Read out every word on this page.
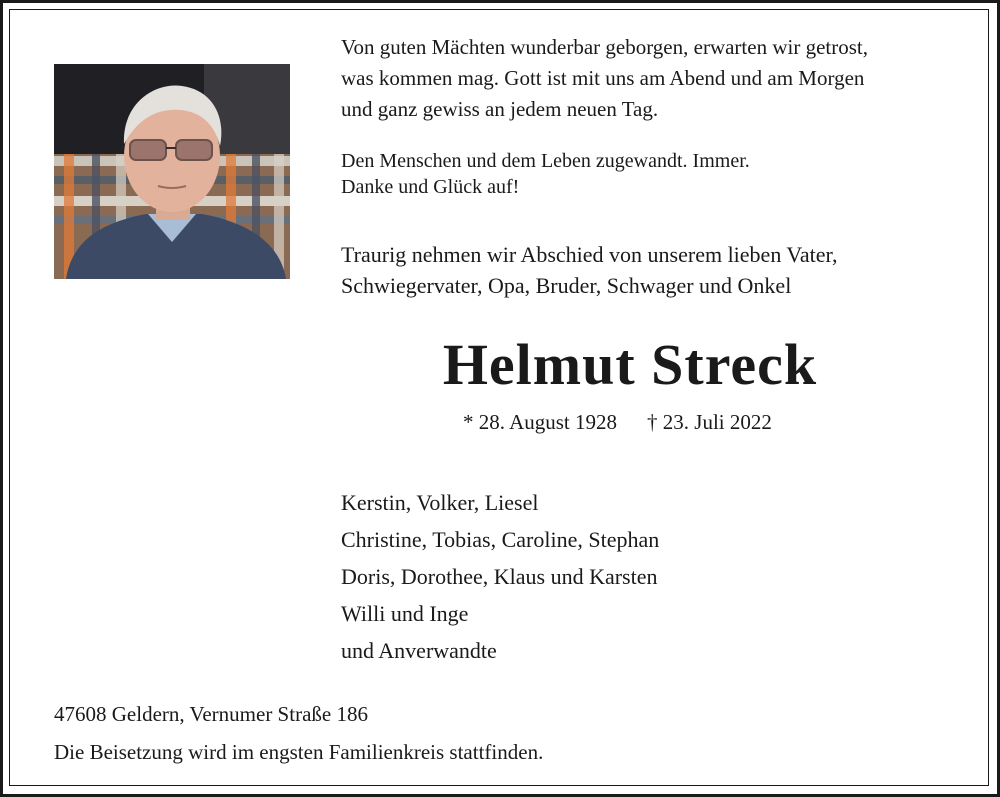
Von guten Mächten wunderbar geborgen, erwarten wir getrost,
was kommen mag. Gott ist mit uns am Abend und am Morgen
und ganz gewiss an jedem neuen Tag.
Den Menschen und dem Leben zugewandt. Immer.
Danke und Glück auf!
Traurig nehmen wir Abschied von unserem lieben Vater,
Schwiegervater, Opa, Bruder, Schwager und Onkel
Helmut Streck
* 28. August 1928 † 23. Juli 2022
Kerstin, Volker, Liesel
Christine, Tobias, Caroline, Stephan
Doris, Dorothee, Klaus und Karsten
Willi und Inge
und Anverwandte
47608 Geldern, Vernumer Straße 186
Die Beisetzung wird im engsten Familienkreis stattfinden.
